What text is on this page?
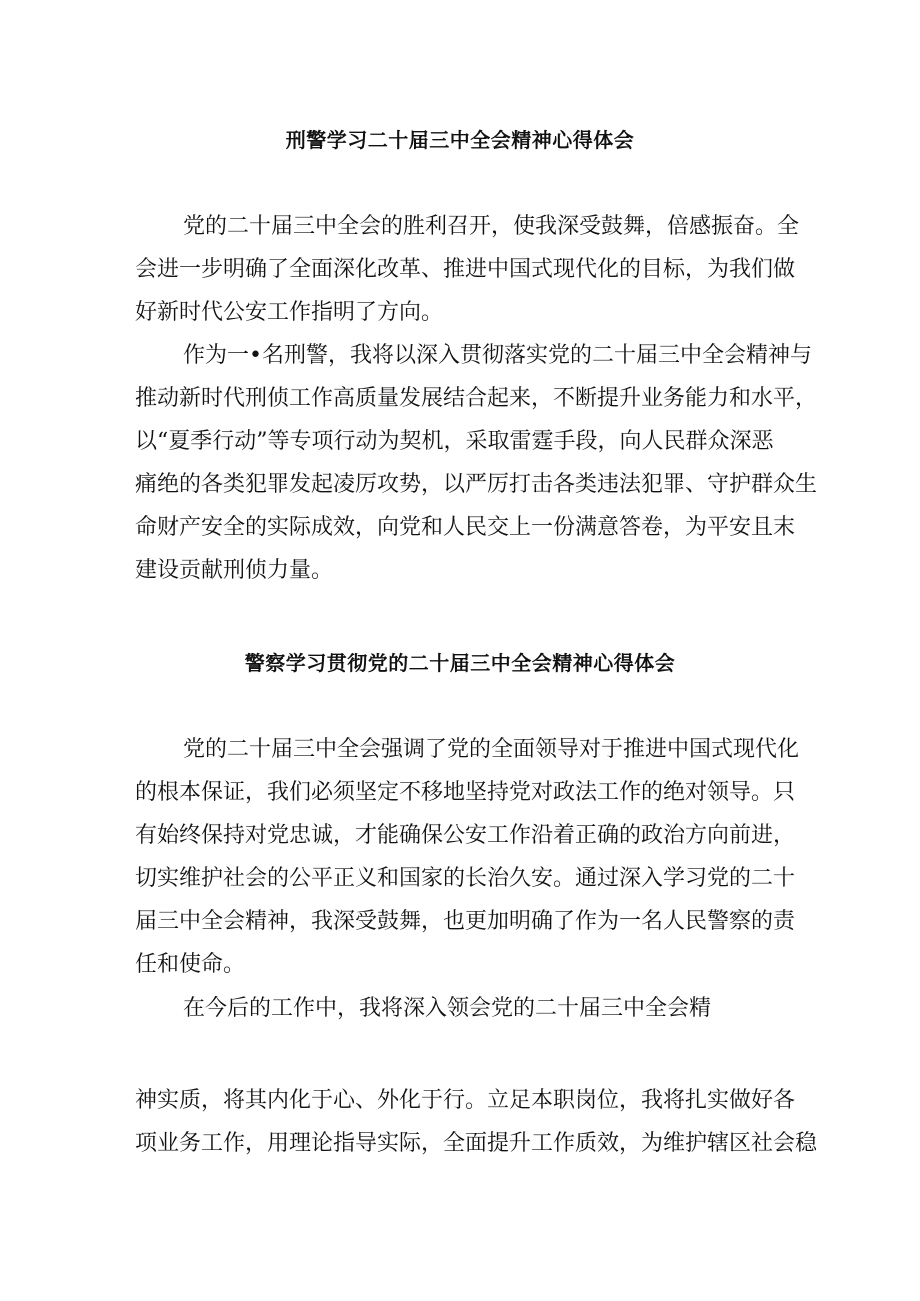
刑警学习二十届三中全会精神心得体会
党的二十届三中全会的胜利召开，使我深受鼓舞，倍感振奋。全
会进一步明确了全面深化改革、推进中国式现代化的目标，为我们做
好新时代公安工作指明了方向。
作为一•名刑警，我将以深入贯彻落实党的二十届三中全会精神与
推动新时代刑侦工作高质量发展结合起来，不断提升业务能力和水平，
以“夏季行动”等专项行动为契机，采取雷霆手段，向人民群众深恶
痛绝的各类犯罪发起凌厉攻势，以严厉打击各类违法犯罪、守护群众生
命财产安全的实际成效，向党和人民交上一份满意答卷，为平安且末
建设贡献刑侦力量。
警察学习贯彻党的二十届三中全会精神心得体会
党的二十届三中全会强调了党的全面领导对于推进中国式现代化
的根本保证，我们必须坚定不移地坚持党对政法工作的绝对领导。只
有始终保持对党忠诚，才能确保公安工作沿着正确的政治方向前进，
切实维护社会的公平正义和国家的长治久安。通过深入学习党的二十
届三中全会精神，我深受鼓舞，也更加明确了作为一名人民警察的责
任和使命。
在今后的工作中，我将深入领会党的二十届三中全会精
神实质，将其内化于心、外化于行。立足本职岗位，我将扎实做好各
项业务工作，用理论指导实际，全面提升工作质效，为维护辖区社会稳
